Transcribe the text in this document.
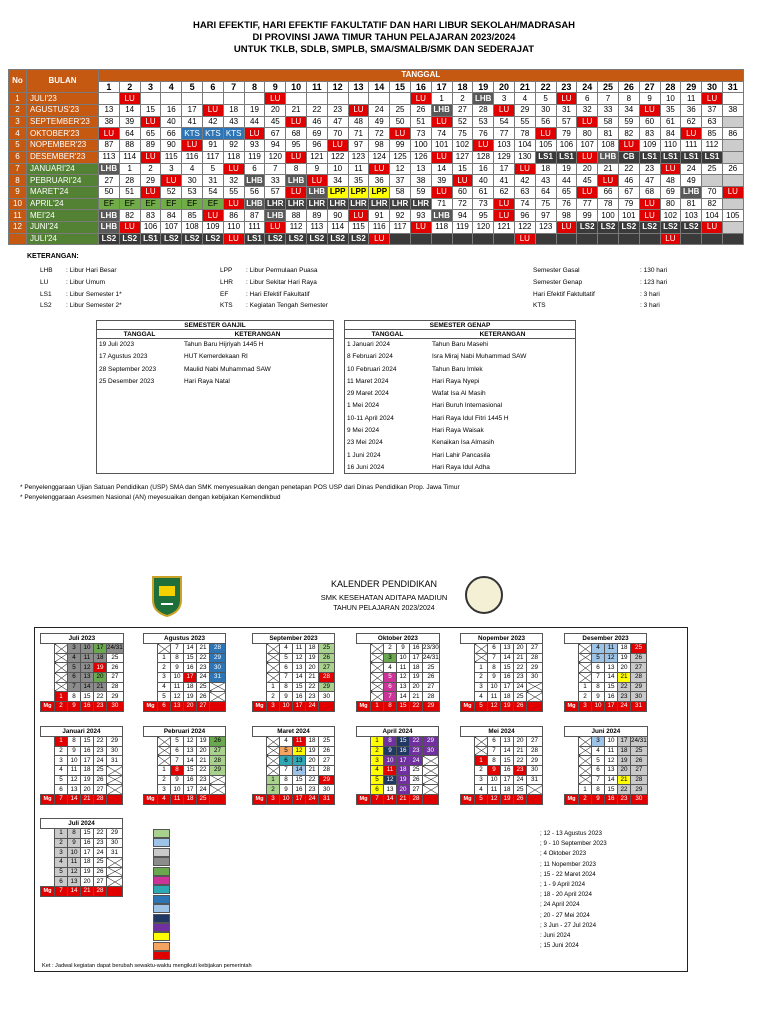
HARI EFEKTIF, HARI EFEKTIF FAKULTATIF DAN HARI LIBUR SEKOLAH/MADRASAH
DI PROVINSI JAWA TIMUR TAHUN PELAJARAN 2023/2024
UNTUK TKLB, SDLB, SMPLB, SMA/SMALB/SMK DAN SEDERAJAT
No	BULAN	TANGGAL																														
		1	2	3	4	5	6	7	8	9	10	11	12	13	14	15	16	17	18	19	20	21	22	23	24	25	26	27	28	29	30	31
1	JULI'23		LU							LU							LU	1	2	LHB	3	4	5	LU	6	7	8	9	10	11	LU	
2	AGUSTUS'23	13	14	15	16	17	LU	18	19	20	21	22	23	LU	24	25	26	LHB	27	28	LU	29	30	31	32	33	34	LU	35	36	37	38
3	SEPTEMBER'23	38	39	LU	40	41	42	43	44	45	LU	46	47	48	49	50	51	LU	52	53	54	55	56	57	LU	58	59	60	61	62	63	
4	OKTOBER'23	LU	64	65	66	KTS	KTS	KTS	LU	67	68	69	70	71	72	LU	73	74	75	76	77	78	LU	79	80	81	82	83	84	LU	85	86
5	NOPEMBER'23	87	88	89	90	LU	91	92	93	94	95	96	LU	97	98	99	100	101	102	LU	103	104	105	106	107	108	LU	109	110	111	112	
6	DESEMBER'23	113	114	LU	115	116	117	118	119	120	LU	121	122	123	124	125	126	LU	127	128	129	130	LS1	LS1	LU	LHB	CB	LS1	LS1	LS1	LS1	
7	JANUARI'24	LHB	1	2	3	4	5	LU	6	7	8	9	10	11	LU	12	13	14	15	16	17	LU	18	19	20	21	22	23	LU	24	25	26
8	PEBRUARI'24	27	28	29	LU	30	31	32	LHB	33	LHB	LU	34	35	36	37	38	39	LU	40	41	42	43	44	45	LU	46	47	48	49		
9	MARET'24	50	51	LU	52	53	54	55	56	57	LU	LHB	LPP	LPP	LPP	58	59	LU	60	61	62	63	64	65	LU	66	67	68	69	LHB	70	LU
10	APRIL'24	EF	EF	EF	EF	EF	EF	LU	LHB	LHR	LHR	LHR	LHR	LHR	LHR	LHR	LHR	71	72	73	LU	74	75	76	77	78	79	LU	80	81	82	
11	MEI'24	LHB	82	83	84	85	LU	86	87	LHB	88	89	90	LU	91	92	93	LHB	94	95	LU	96	97	98	99	100	101	LU	102	103	104	105
12	JUNI'24	LHB	LU	106	107	108	109	110	111	LU	112	113	114	115	116	117	LU	118	119	120	121	122	123	LU	LS2	LS2	LS2	LS2	LS2	LS2	LU	
	JULI'24	LS2	LS2	LS1	LS2	LS2	LS2	LU	LS1	LS2	LS2	LS2	LS2	LS2	LU							LU							LU			
KETERANGAN:
LHB : Libur Hari Besar
LU	: Libur Umum
LS1 : Libur Semester 1*
LS2 : Libur Semester 2*
LPP : Libur Permulaan Puasa
LHR : Libur Sekitar Hari Raya
EF	: Hari Efektif Fakultatif
KTS : Kegiatan Tengah Semester
Semester Gasal	: 130 hari
Semester Genap	: 123 hari
Hari Efektif Faktultatif	: 3 hari
KTS	: 3 hari
SEMESTER GANJIL
TANGGAL	KETERANGAN
19 Juli 2023	Tahun Baru Hijriyah 1445 H
17 Agustus 2023	HUT Kemerdekaan RI
28 September 2023	Maulid Nabi Muhammad SAW
25 Desember 2023	Hari Raya Natal
SEMESTER GENAP
TANGGAL	KETERANGAN
1 Januari 2024	Tahun Baru Masehi
8 Februari 2024	Isra Miraj Nabi Muhammad SAW
10 Februari 2024	Tahun Baru Imlek
11 Maret 2024	Hari Raya Nyepi
29 Maret 2024	Wafat Isa Al Masih
1 Mei 2024	Hari Buruh Internasional
10-11 April 2024	Hari Raya Idul Fitri 1445 H
9 Mei 2024	Hari Raya Waisak
23 Mei 2024	Kenaikan Isa Almasih
1 Juni 2024	Hari Lahir Pancasila
16 Juni 2024	Hari Raya Idul Adha
* Penyelenggaraan Ujian Satuan Pendidikan (USP) SMA dan SMK menyesuaikan dengan penetapan POS USP dari Dinas Pendidikan Prop. Jawa Timur
* Penyelenggaraan Asesmen Nasional (AN) meyesuaikan dengan kebijakan Kemendikbud
KALENDER PENDIDIKAN
SMK KESEHATAN ADITAPA MADIUN
TAHUN PELAJARAN 2023/2024
Juli 2023					
		3	10	17	24/31
		4	11	18	25
		5	12	19	26
		6	13	20	27
		7	14	21	28
	1	8	15	22	29
Mg	2	9	16	23	30
Agustus 2023					
		7	14	21	28
	1	8	15	22	29
	2	9	16	23	30
	3	10	17	24	31
	4	11	18	25	
	5	12	19	26	
Mg	6	13	20	27	
September 2023					
		4	11	18	25
		5	12	19	26
		6	13	20	27
		7	14	21	28
	1	8	15	22	29
	2	9	16	23	30
Mg	3	10	17	24	
Oktober 2023					
		2	9	16	23/30
		3	10	17	24/31
		4	11	18	25
		5	12	19	26
		6	13	20	27
		7	14	21	28
Mg	1	8	15	22	29
Nopember 2023					
		6	13	20	27
		7	14	21	28
	1	8	15	22	29
	2	9	16	23	30
	3	10	17	24	
	4	11	18	25	
Mg	5	12	19	26	
Desember 2023					
		4	11	18	25
		5	12	19	26
		6	13	20	27
		7	14	21	28
	1	8	15	22	29
	2	9	16	23	30
Mg	3	10	17	24	31
Januari 2024					
	1	8	15	22	29
	2	9	16	23	30
	3	10	17	24	31
	4	11	18	25	
	5	12	19	26	
	6	13	20	27	
Mg	7	14	21	28	
Pebruari 2024					
		5	12	19	26
		6	13	20	27
		7	14	21	28
	1	8	15	22	29
	2	9	16	23	
	3	10	17	24	
Mg	4	11	18	25	
Maret 2024					
		4	11	18	25
		5	12	19	26
		6	13	20	27
		7	14	21	28
	1	8	15	22	29
	2	9	16	23	30
Mg	3	10	17	24	31
April 2024					
	1	8	15	22	29
	2	9	16	23	30
	3	10	17	24	
	4	11	18	25	
	5	12	19	26	
	6	13	20	27	
Mg	7	14	21	28	
Mei 2024					
		6	13	20	27
		7	14	21	28
	1	8	15	22	29
	2	9	16	23	30
	3	10	17	24	31
	4	11	18	25	
Mg	5	12	19	26	
Juni 2024					
		3	10	17	24/31
		4	11	18	25
		5	12	19	26
		6	13	20	27
		7	14	21	28
	1	8	15	22	29
Mg	2	9	16	23	30
Juli 2024					
	1	8	15	22	29
	2	9	16	23	30
	3	10	17	24	31
	4	11	18	25	
	5	12	19	26	
	6	13	20	27	
Mg	7	14	21	28	
; 12 - 13 Agustus 2023
; 9 - 10 September 2023
; 4 Oktober 2023
; 11 Nopember 2023
; 15 - 22 Maret 2024
; 1 - 9 April 2024
; 18 - 20 April 2024
; 24 April 2024
; 20 - 27 Mei 2024
; 3 Jun - 27 Jul 2024
: Juni 2024
; 15 Juni 2024
Ket : Jadwal kegiatan dapat berubah sewaktu-waktu mengikuti kebijakan pemerintah
